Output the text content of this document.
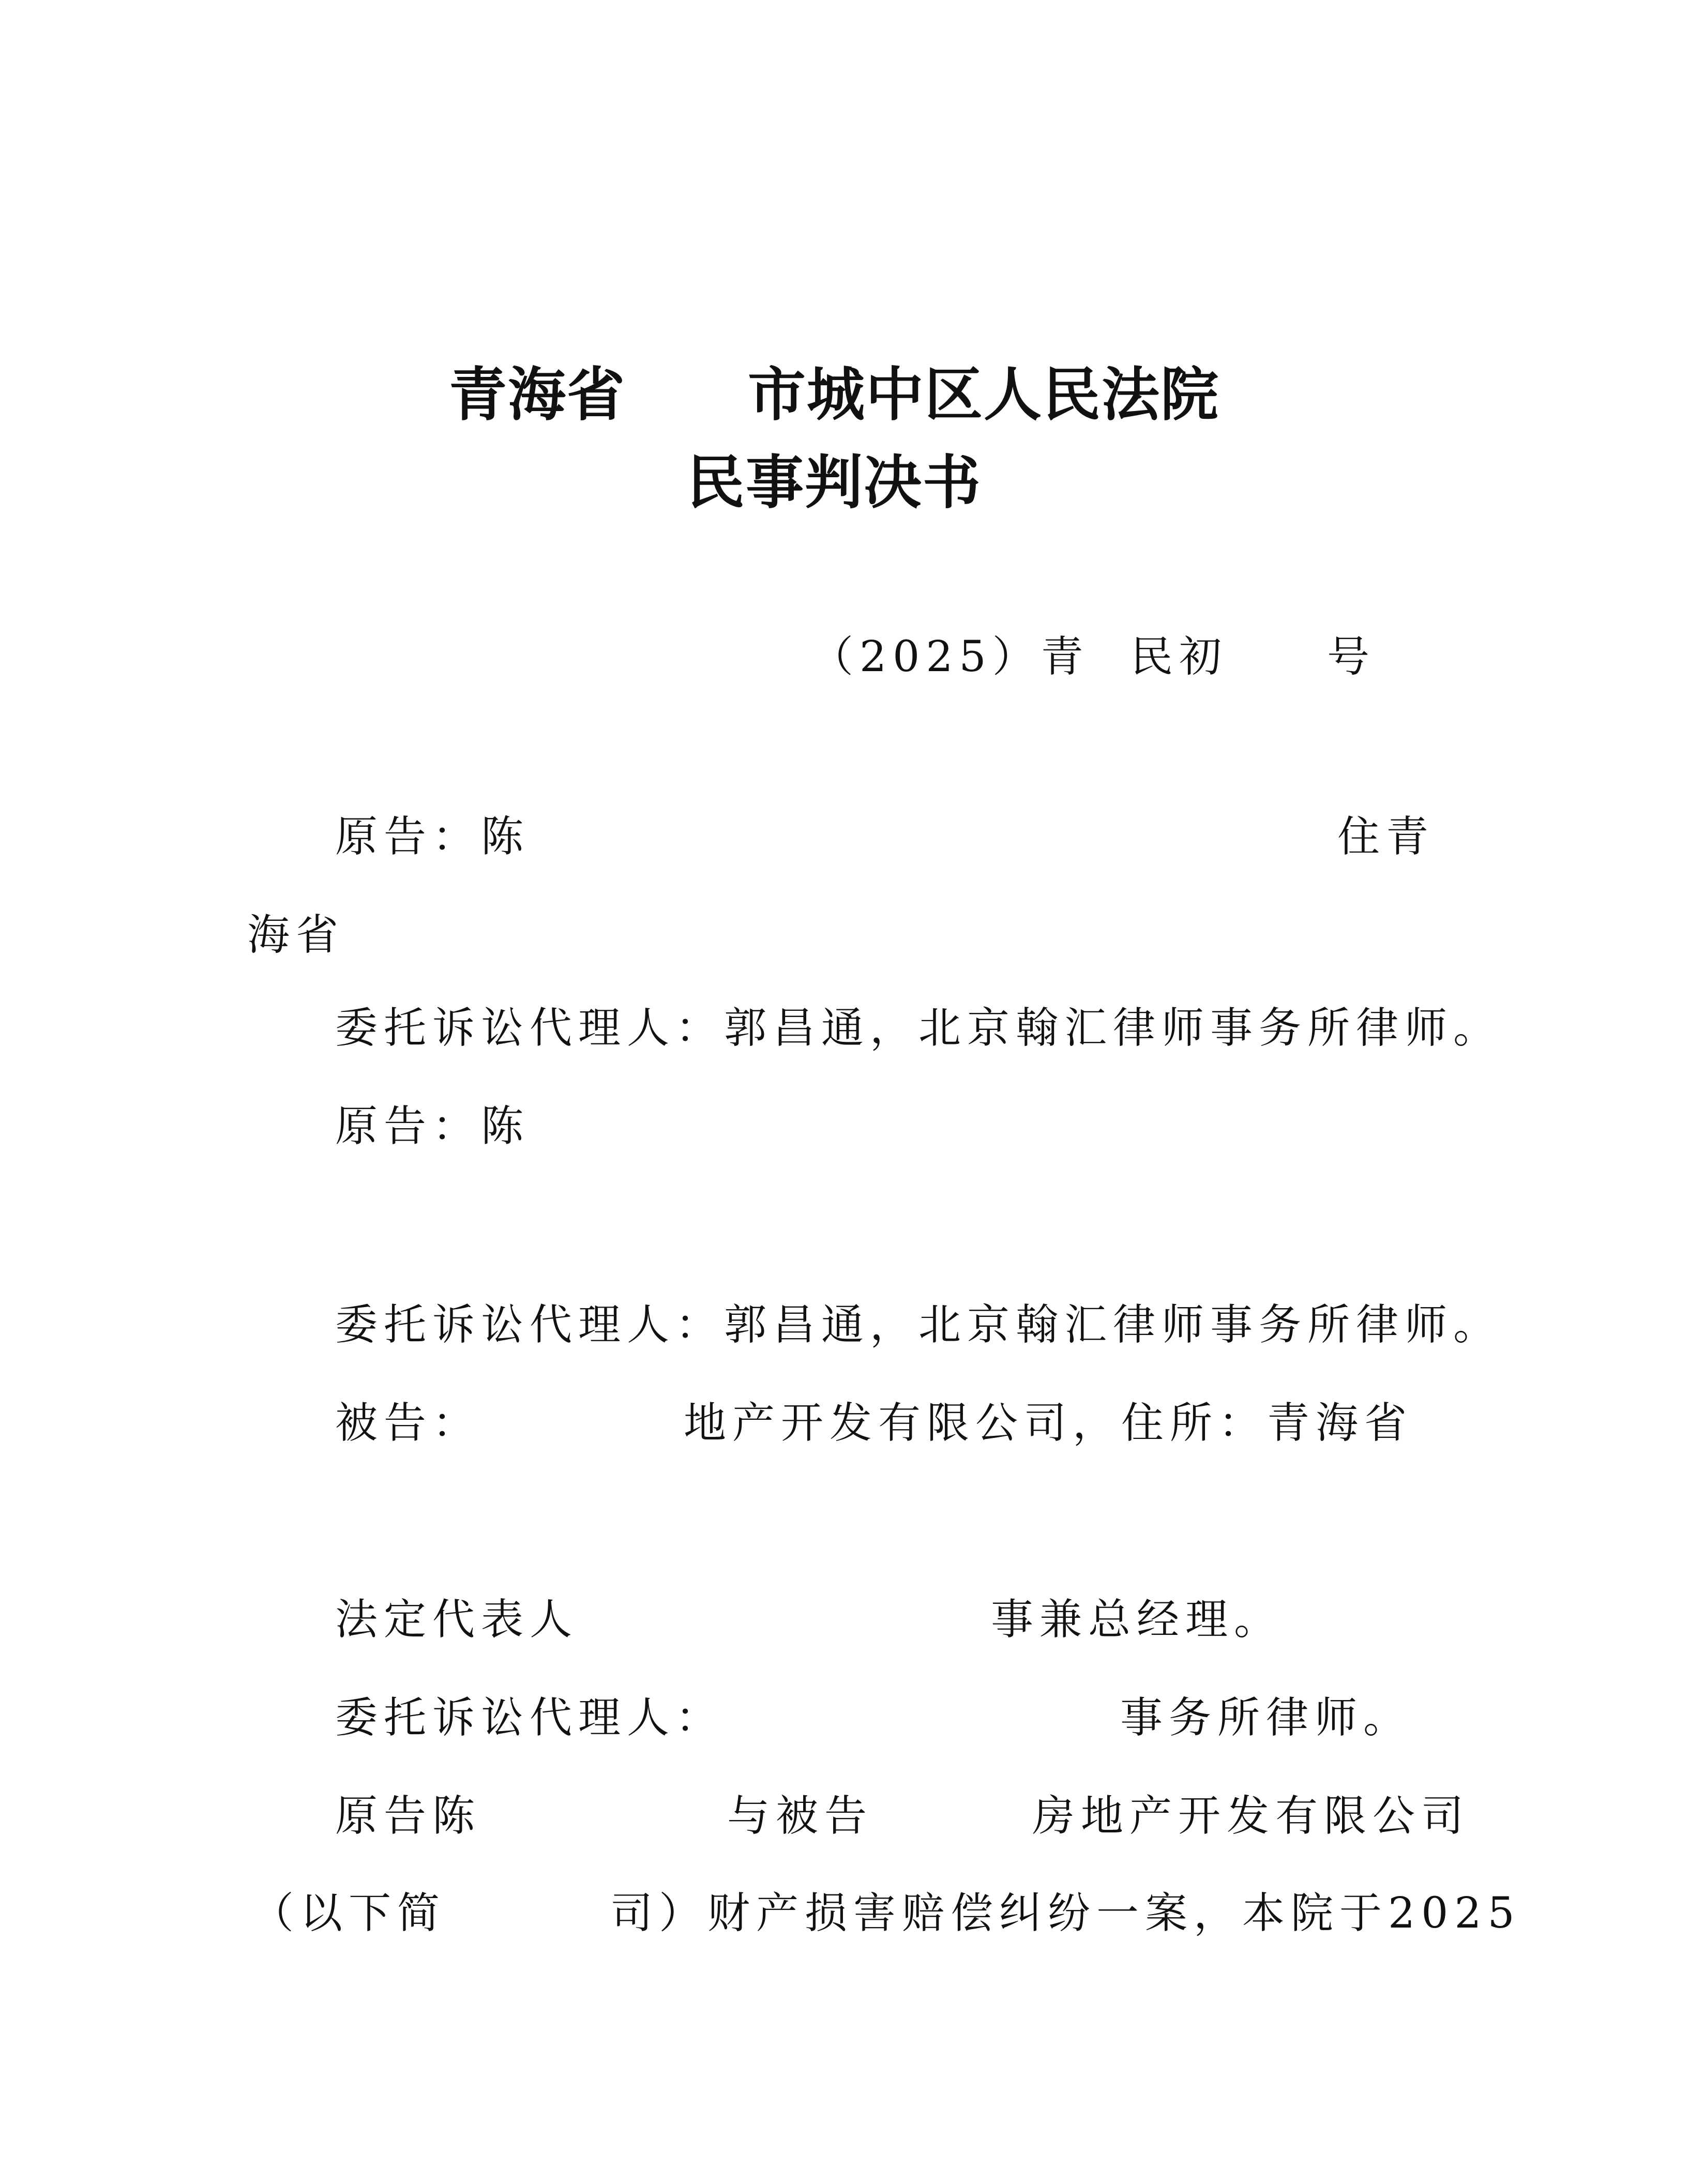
青海省 市城中区人民法院
民事判决书
（2025）青 民初 号
原告：陈	住青
海省
委托诉讼代理人：郭昌通，北京翰汇律师事务所律师。
原告：陈
委托诉讼代理人：郭昌通，北京翰汇律师事务所律师。
被告：	地产开发有限公司，住所：青海省
法定代表人	事兼总经理。
委托诉讼代理人：	事务所律师。
原告陈	与被告	房地产开发有限公司
（以下简	司）财产损害赔偿纠纷一案，本院于2025
